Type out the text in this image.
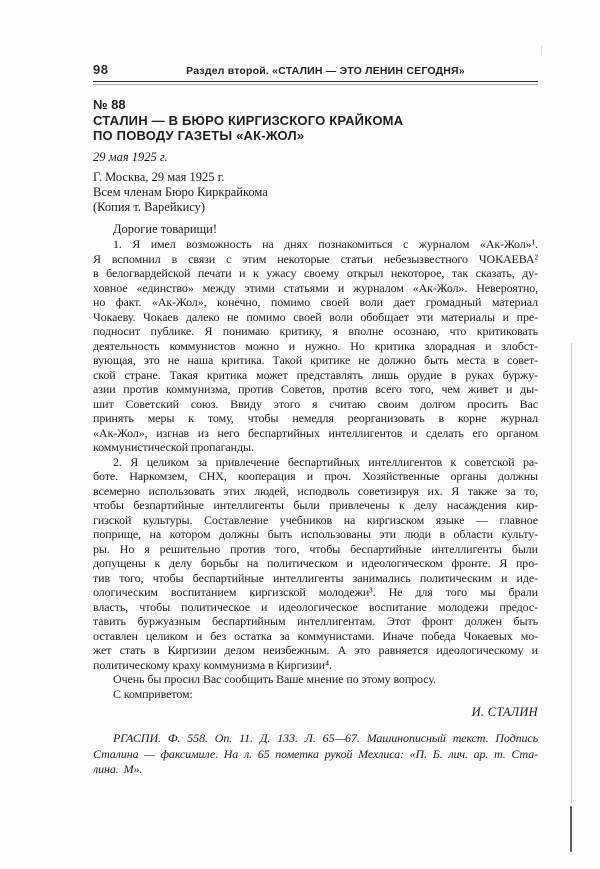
98	Раздел второй. «СТАЛИН — ЭТО ЛЕНИН СЕГОДНЯ»
№ 88
СТАЛИН — В БЮРО КИРГИЗСКОГО КРАЙКОМА
ПО ПОВОДУ ГАЗЕТЫ «АК-ЖОЛ»
29 мая 1925 г.
Г. Москва, 29 мая 1925 г.
Всем членам Бюро Киркрайкома
(Копия т. Варейкису)
Дорогие товарищи!
1. Я имел возможность на днях познакомиться с журналом «Ак-Жол»¹.
Я вспомнил в связи с этим некоторые статьи небезызвестного ЧОКАЕВА²
в белогвардейской печати и к ужасу своему открыл некоторое, так сказать, ду-
ховное «единство» между этими статьями и журналом «Ак-Жол». Невероятно,
но факт. «Ак-Жол», конечно, помимо своей воли дает громадный материал
Чокаеву. Чокаев далеко не помимо своей воли обобщает эти материалы и пре-
подносит публике. Я понимаю критику, я вполне осознаю, что критиковать
деятельность коммунистов можно и нужно. Но критика злорадная и злобст-
вующая, это не наша критика. Такой критике не должно быть места в совет-
ской стране. Такая критика может представлять лишь орудие в руках буржу-
азии против коммунизма, против Советов, против всего того, чем живет и ды-
шит Советский союз. Ввиду этого я считаю своим долгом просить Вас
принять меры к тому, чтобы немедля реорганизовать в корне журнал
«Ак-Жол», изгнав из него беспартийных интеллигентов и сделать его органом
коммунистической пропаганды.
2. Я целиком за привлечение беспартийных интеллигентов к советской ра-
боте. Наркомзем, СНХ, кооперация и проч. Хозяйственные органы должны
всемерно использовать этих людей, исподволь советизируя их. Я также за то,
чтобы безпартийные интеллигенты были привлечены к делу насаждения кир-
гизской культуры. Составление учебников на киргизском языке — главное
поприще, на котором должны быть использованы эти люди в области культу-
ры. Но я решительно против того, чтобы беспартийные интеллигенты были
допущены к делу борьбы на политическом и идеологическом фронте. Я про-
тив того, чтобы беспартийные интеллигенты занимались политическим и иде-
ологическим воспитанием киргизской молодежи³. Не для того мы брали
власть, чтобы политическое и идеологическое воспитание молодежи предос-
тавить буржуазным беспартийным интеллигентам. Этот фронт должен быть
оставлен целиком и без остатка за коммунистами. Иначе победа Чокаевых мо-
жет стать в Киргизии делом неизбежным. А это равняется идеологическому и
политическому краху коммунизма в Киргизии⁴.
Очень бы просил Вас сообщить Ваше мнение по этому вопросу.
С комприветом:
И. СТАЛИН
РГАСПИ. Ф. 558. Оп. 11. Д. 133. Л. 65—67. Машинописный текст. Подпись
Сталина — факсимиле. На л. 65 пометка рукой Мехлиса: «П. Б. лич. ар. т. Ста-
лина. М».
